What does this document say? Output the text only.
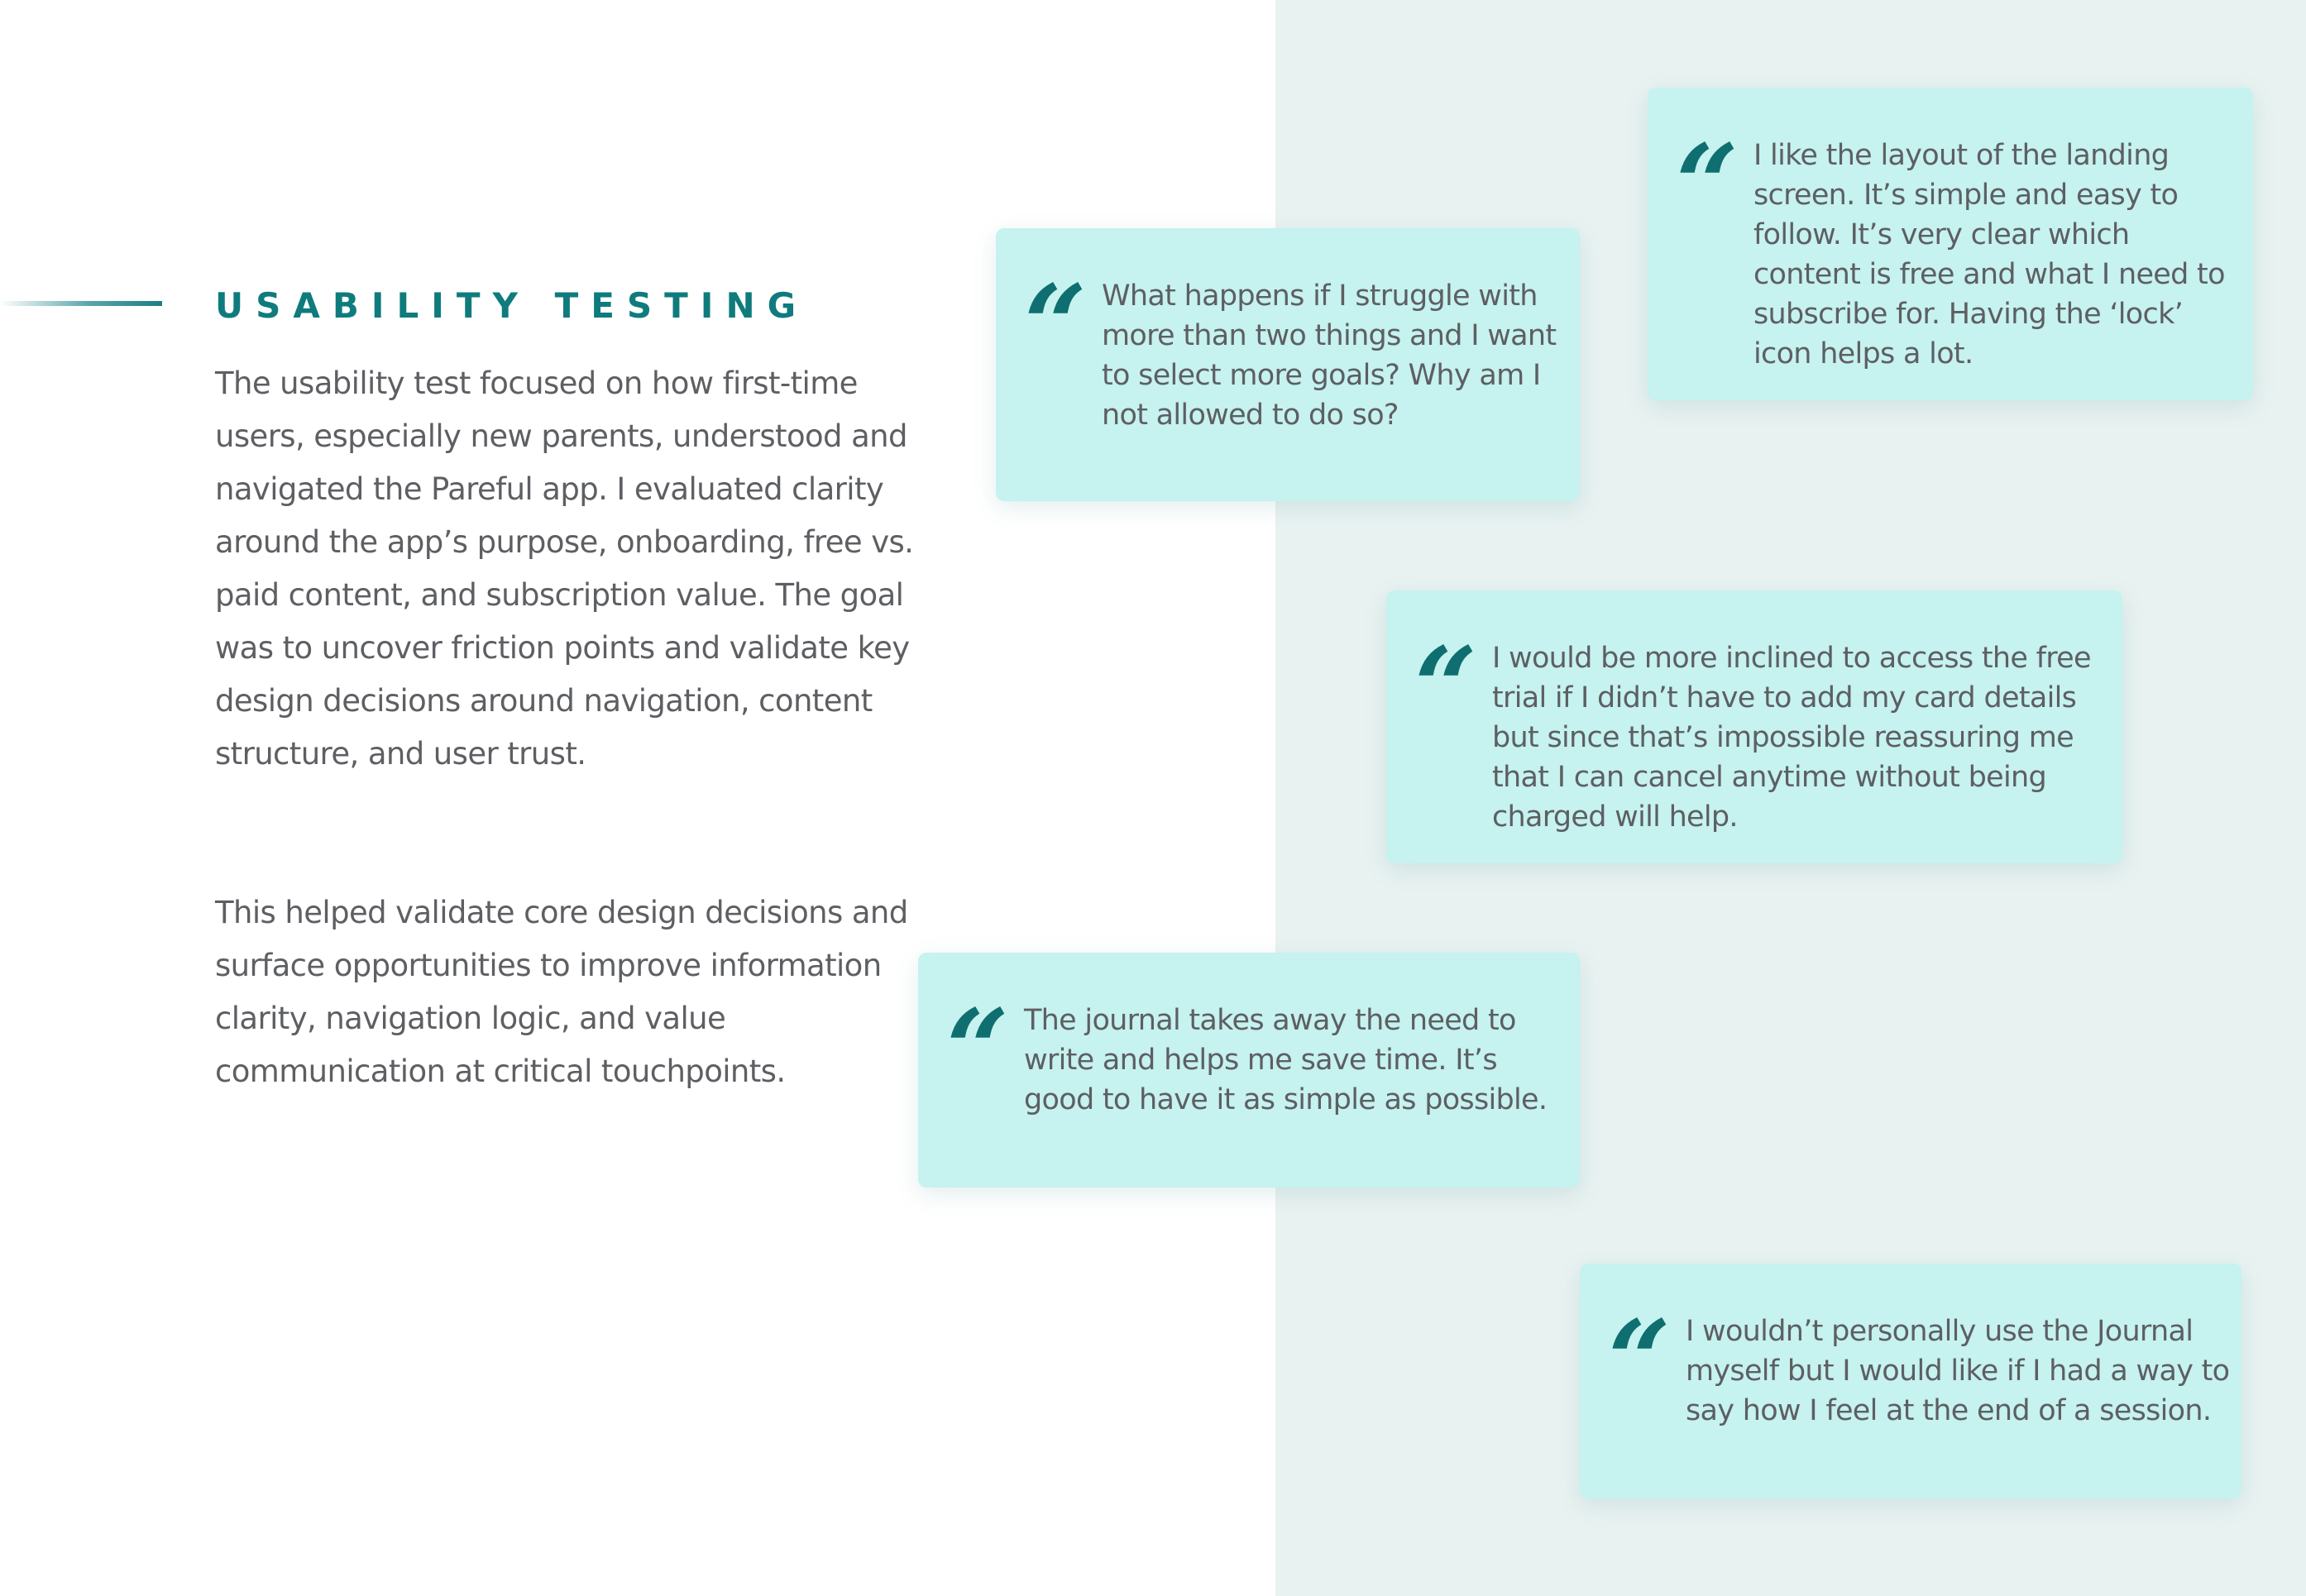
USABILITY TESTING

The usability test focused on how first-time users, especially new parents, understood and navigated the Pareful app. I evaluated clarity around the app’s purpose, onboarding, free vs. paid content, and subscription value. The goal was to uncover friction points and validate key design decisions around navigation, content structure, and user trust.

This helped validate core design decisions and surface opportunities to improve information clarity, navigation logic, and value communication at critical touchpoints.

“ I like the layout of the landing screen. It’s simple and easy to follow. It’s very clear which content is free and what I need to subscribe for. Having the ‘lock’ icon helps a lot.

“ What happens if I struggle with more than two things and I want to select more goals? Why am I not allowed to do so?

“ I would be more inclined to access the free trial if I didn’t have to add my card details but since that’s impossible reassuring me that I can cancel anytime without being charged will help.

“ The journal takes away the need to write and helps me save time. It’s good to have it as simple as possible.

“ I wouldn’t personally use the Journal myself but I would like if I had a way to say how I feel at the end of a session.
